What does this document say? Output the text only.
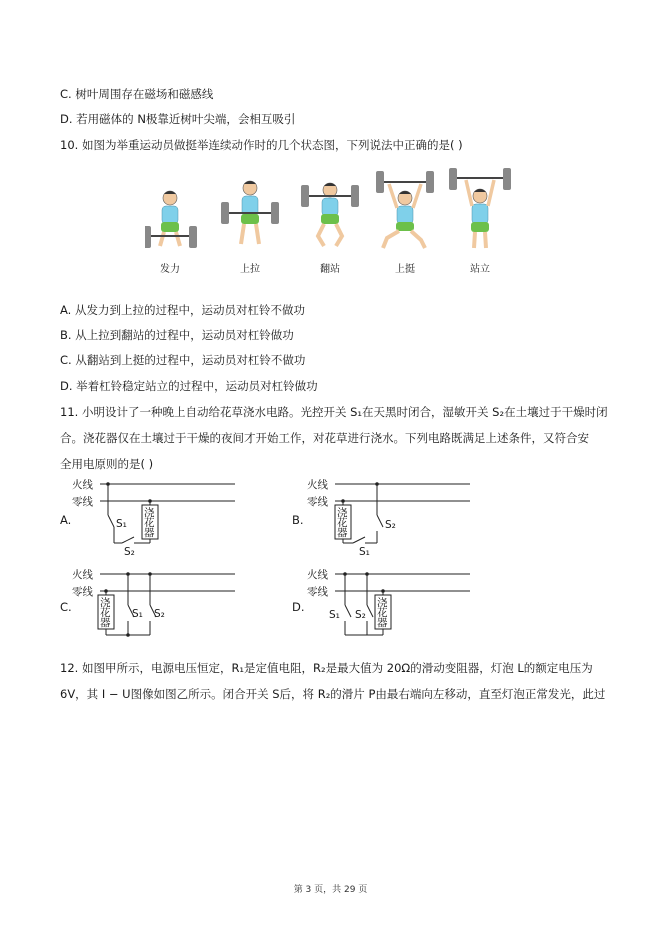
C. 树叶周围存在磁场和磁感线
D. 若用磁体的 N极靠近树叶尖端，会相互吸引
10. 如图为举重运动员做挺举连续动作时的几个状态图，下列说法中正确的是( )
发力	上拉	翻站	上挺	站立
A. 从发力到上拉的过程中，运动员对杠铃不做功
B. 从上拉到翻站的过程中，运动员对杠铃做功
C. 从翻站到上挺的过程中，运动员对杠铃不做功
D. 举着杠铃稳定站立的过程中，运动员对杠铃做功
11. 小明设计了一种晚上自动给花草浇水电路。光控开关 S₁在天黑时闭合，湿敏开关 S₂在土壤过于干燥时闭
合。浇花器仅在土壤过于干燥的夜间才开始工作，对花草进行浇水。下列电路既满足上述条件，又符合安
全用电原则的是( )
A.	B.
C.	D.
火线
零线
S₁
S₂
浇
花
器
火线
零线
浇
花
器
S₁
S₂
火线
零线
浇
花
器
S₁ S₂
火线
零线
S₁ S₂
浇
花
器
12. 如图甲所示，电源电压恒定，R₁是定值电阻，R₂是最大值为 20Ω的滑动变阻器，灯泡 L的额定电压为
6V，其 I − U图像如图乙所示。闭合开关 S后，将 R₂的滑片 P由最右端向左移动，直至灯泡正常发光，此过
第 3 页，共 29 页
